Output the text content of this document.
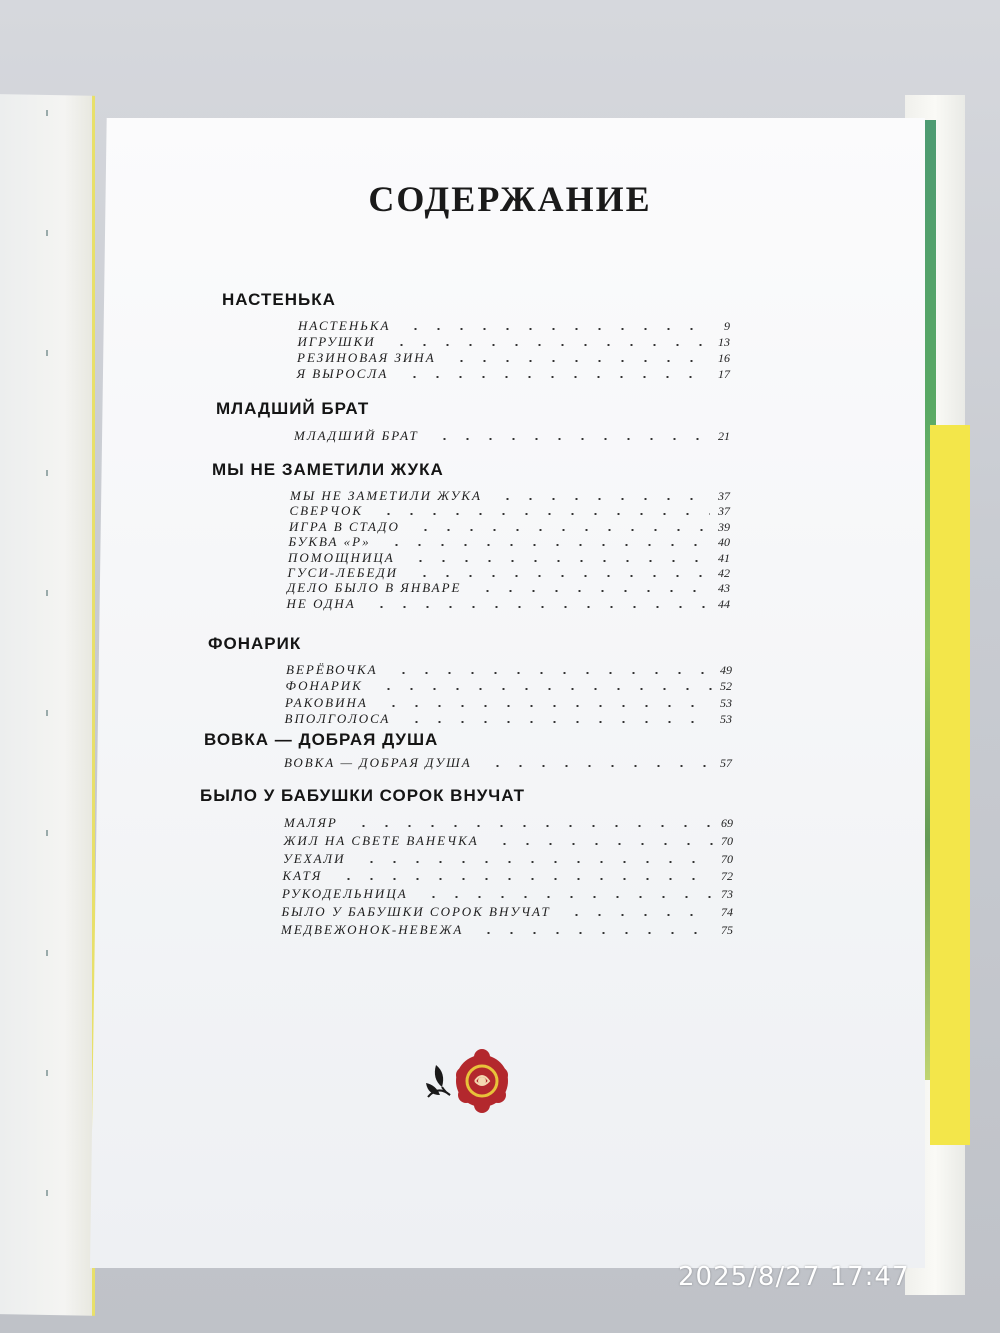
СОДЕРЖАНИЕ
НАСТЕНЬКА
НАСТЕНЬКА	9
ИГРУШКИ	13
РЕЗИНОВАЯ ЗИНА	16
Я ВЫРОСЛА	17
МЛАДШИЙ БРАТ
МЛАДШИЙ БРАТ	21
МЫ НЕ ЗАМЕТИЛИ ЖУКА
МЫ НЕ ЗАМЕТИЛИ ЖУКА	37
СВЕРЧОК	37
ИГРА В СТАДО	39
БУКВА «Р»	40
ПОМОЩНИЦА	41
ГУСИ-ЛЕБЕДИ	42
ДЕЛО БЫЛО В ЯНВАРЕ	43
НЕ ОДНА	44
ФОНАРИК
ВЕРЁВОЧКА	49
ФОНАРИК	52
РАКОВИНА	53
ВПОЛГОЛОСА	53
ВОВКА — ДОБРАЯ ДУША
ВОВКА — ДОБРАЯ ДУША	57
БЫЛО У БАБУШКИ СОРОК ВНУЧАТ
МАЛЯР	69
ЖИЛ НА СВЕТЕ ВАНЕЧКА	70
УЕХАЛИ	70
КАТЯ	72
РУКОДЕЛЬНИЦА	73
БЫЛО У БАБУШКИ СОРОК ВНУЧАТ	74
МЕДВЕЖОНОК-НЕВЕЖА	75
2025/8/27 17:47
